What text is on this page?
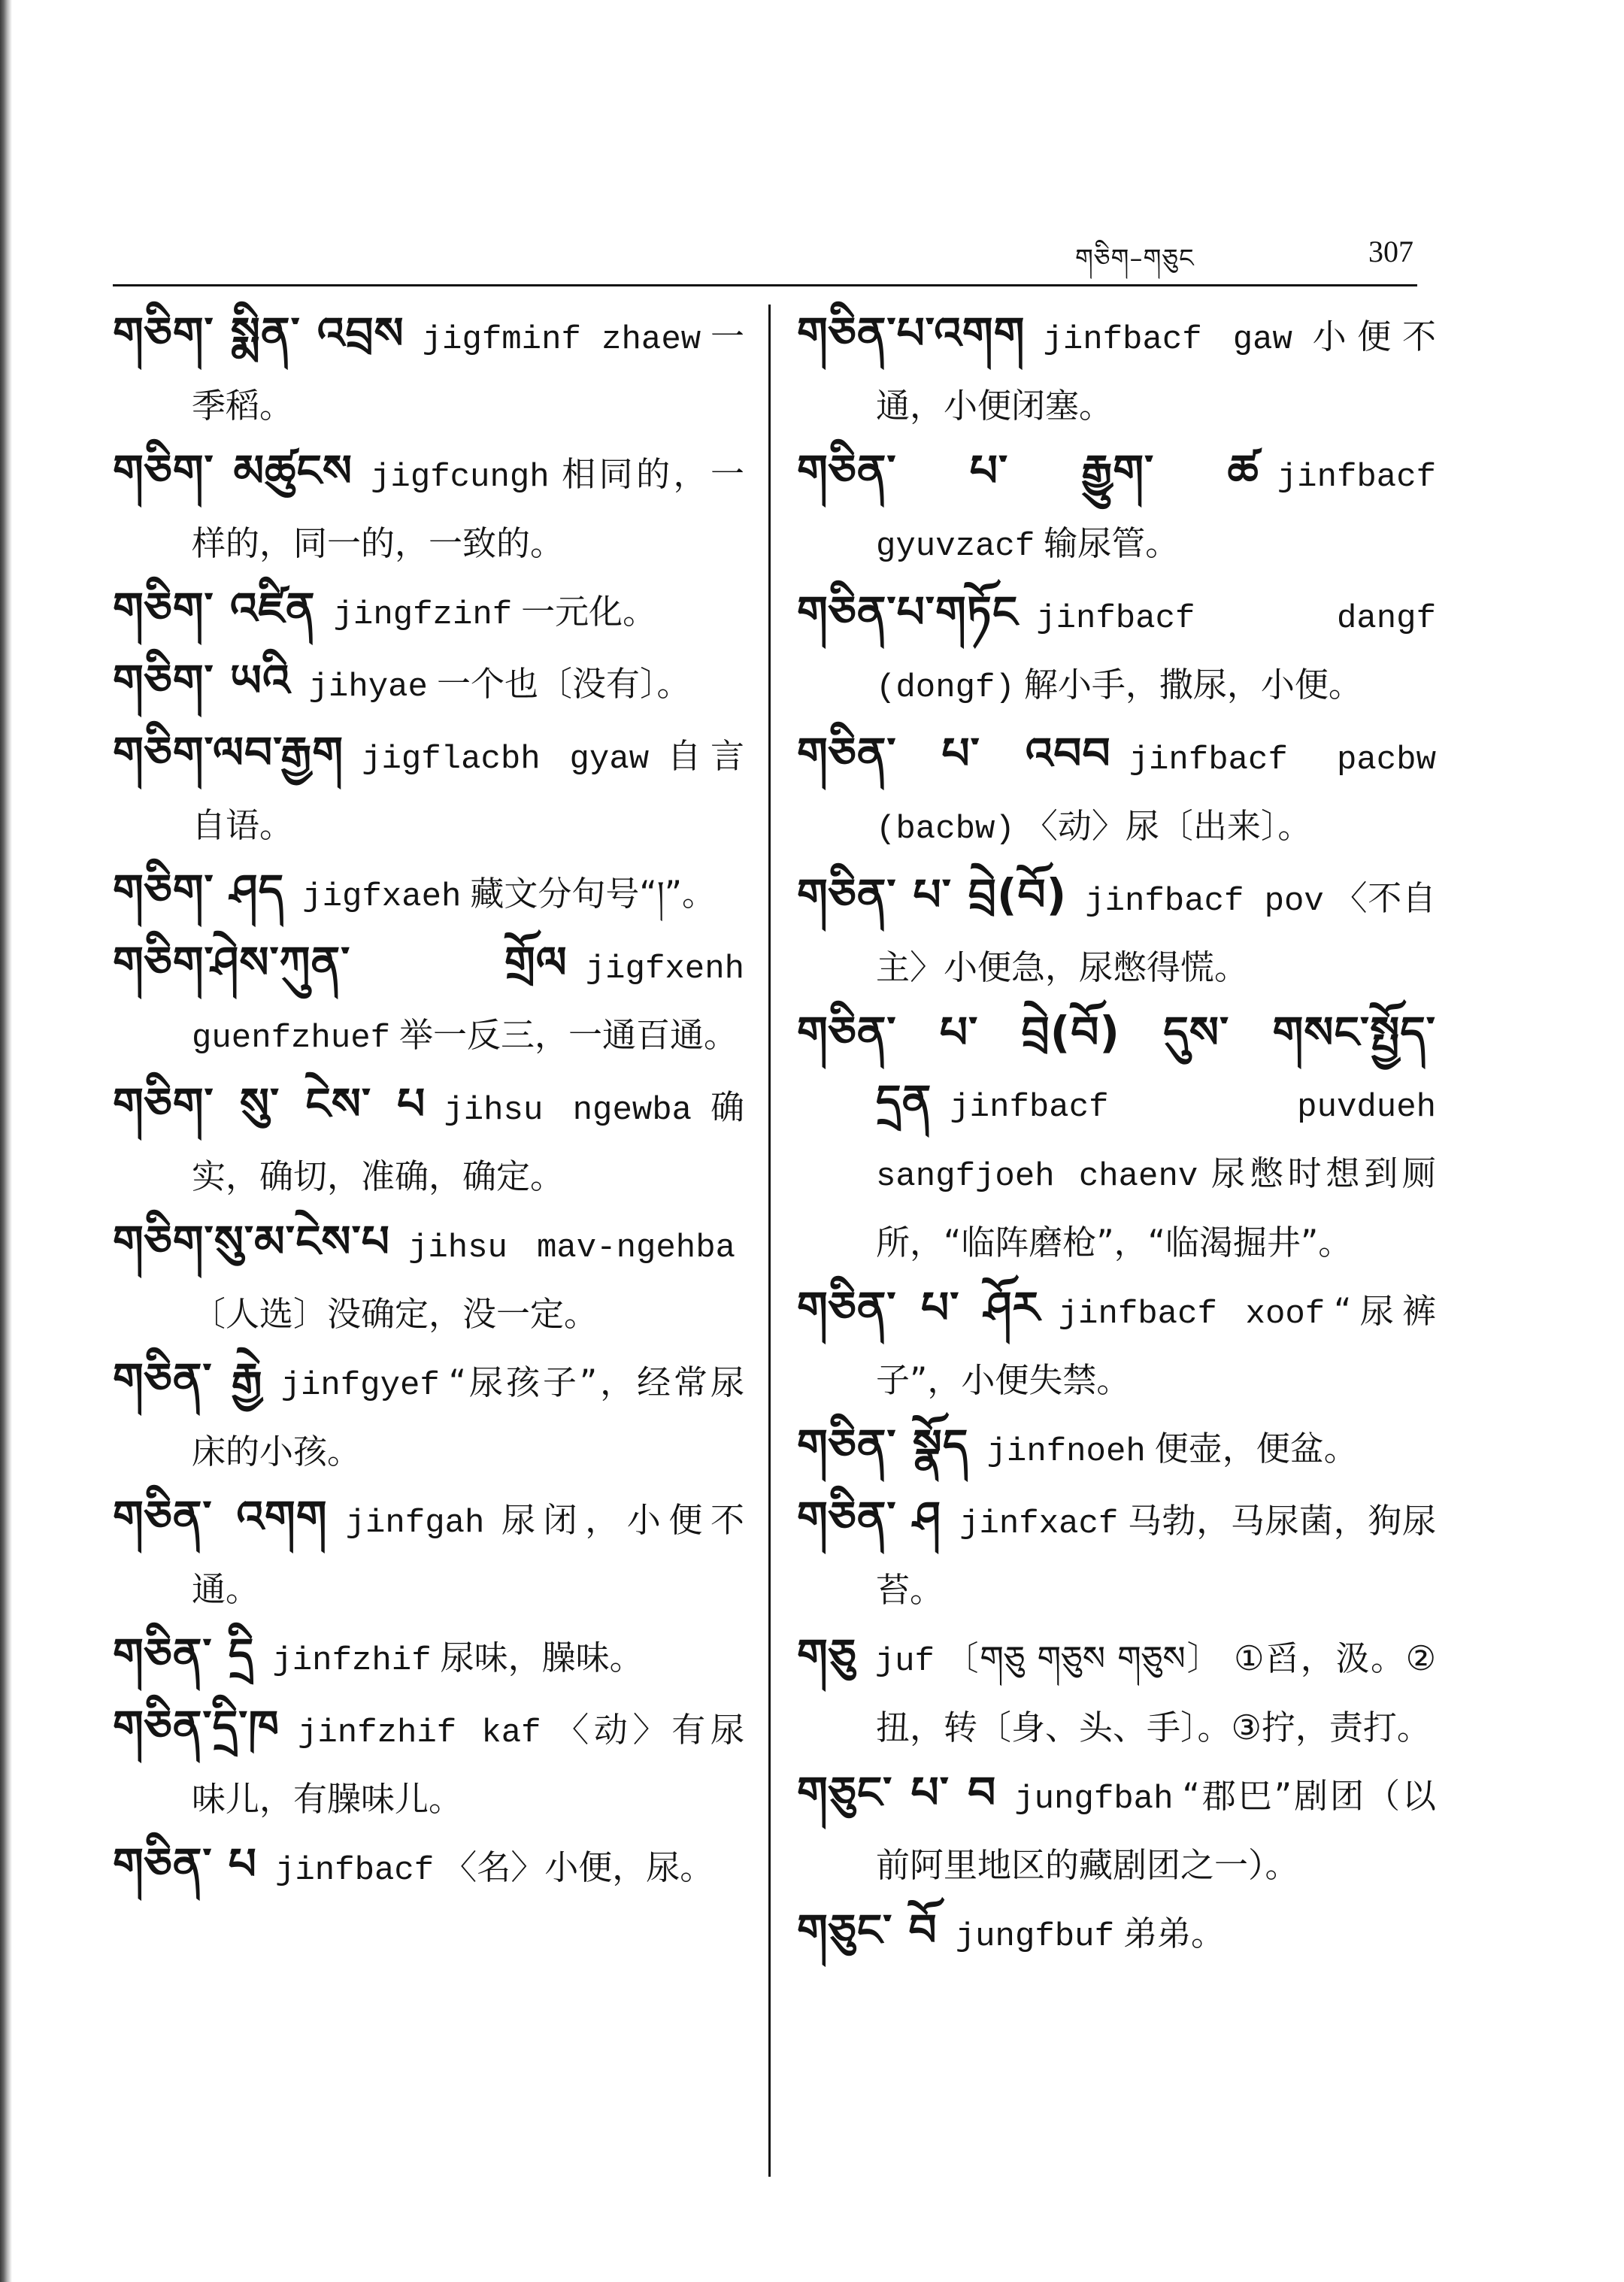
གཅིག–གཅུང	307
གཅིག་ སྨིན་ འབྲས jigfminf zhaew 一季稻。
གཅིག་ མཚུངས jigfcungh 相同的，一样的，同一的，一致的。
གཅིག་ འཛིན jingfzinf 一元化。
གཅིག་ ཡའི jihyae 一个也〔没有〕。
གཅིག་ལབ་རྒྱག jigflacbh gyaw 自言自语。
གཅིག་ ཤད jigfxaeh 藏文分句号“།”。
གཅིག་ཤེས་ཀུན་ གྲོལ jigfxenh guenfzhuef 举一反三，一通百通。
གཅིག་ སུ་ ངེས་ པ jihsu ngewba 确实，确切，准确，确定。
གཅིག་སུ་མ་ངེས་པ jihsu mav-ngehba〔人选〕没确定，没一定。
གཅིན་ རྒྱེ jinfgyef “尿孩子”，经常尿床的小孩。
གཅིན་ འགག jinfgah 尿闭，小便不通。
གཅིན་ དྲི jinfzhif 尿味，臊味。
གཅིན་དྲི་ཁ jinfzhif kaf 〈动〉有尿味儿，有臊味儿。
གཅིན་ པ jinfbacf 〈名〉小便，尿。
གཅིན་པ་འགག jinfbacf gaw 小便不通，小便闭塞。
གཅིན་ པ་ རྒྱུག་ ཚ jinfbacf gyuvzacf 输尿管。
གཅིན་པ་གཏོང jinfbacf dangf (dongf) 解小手，撒尿，小便。
གཅིན་ པ་ འབབ jinfbacf pacbw (bacbw) 〈动〉尿〔出来〕。
གཅིན་ པ་ བྲེ(བོ) jinfbacf pov 〈不自主〉小便急，尿憋得慌。
གཅིན་ པ་ བྲེ(བོ) དུས་ གསང་སྤྱོད་དྲན jinfbacf puvdueh sangfjoeh chaenv 尿憋时想到厕所，“临阵磨枪”，“临渴掘井”。
གཅིན་ པ་ ཤོར jinfbacf xoof “尿裤子”，小便失禁。
གཅིན་ སྣོད jinfnoeh 便壶，便盆。
གཅིན་ ཤ jinfxacf 马勃，马尿菌，狗尿苔。
གཅུ juf 〔གཅུ གཅུས གཅུས〕 ①舀，汲。②扭，转〔身、头、手〕。③拧，责打。
གཅུང་ པ་ བ jungfbah “郡巴”剧团（以前阿里地区的藏剧团之一）。
གཅུང་ བོ jungfbuf 弟弟。
